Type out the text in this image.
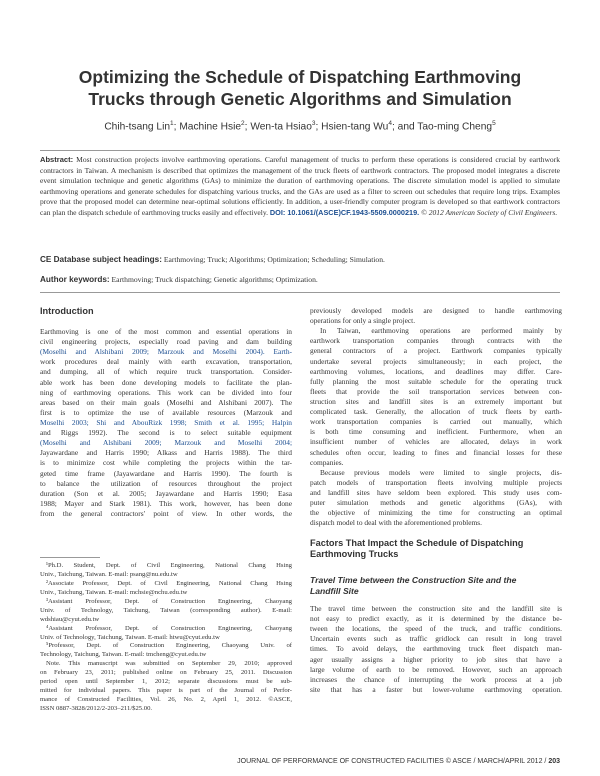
Optimizing the Schedule of Dispatching Earthmoving
Trucks through Genetic Algorithms and Simulation
Chih-tsang Lin$^1$; Machine Hsie$^2$; Wen-ta Hsiao$^3$; Hsien-tang Wu$^4$; and Tao-ming Cheng$^5$
Abstract: Most construction projects involve earthmoving operations. Careful management of trucks to perform these operations is considered crucial by earthwork contractors in Taiwan. A mechanism is described that optimizes the management of the truck fleets of earthwork contractors. The proposed model integrates a discrete event simulation technique and genetic algorithms (GAs) to minimize the duration of earthmoving operations. The discrete simulation model is applied to simulate earthmoving operations and generate schedules for dispatching various trucks, and the GAs are used as a filter to screen out schedules that require long trips. Examples prove that the proposed model can determine near-optimal solutions efficiently. In addition, a user-friendly computer program is developed so that earthwork contractors can plan the dispatch schedule of earthmoving trucks easily and effectively. DOI: 10.1061/(ASCE)CF.1943-5509.0000219. © 2012 American Society of Civil Engineers.
CE Database subject headings: Earthmoving; Truck; Algorithms; Optimization; Scheduling; Simulation.
Author keywords: Earthmoving; Truck dispatching; Genetic algorithms; Optimization.
Introduction
Earthmoving is one of the most common and essential operations in
civil engineering projects, especially road paving and dam building
(Moselhi and Alshibani 2009; Marzouk and Moselhi 2004). Earth-
work procedures deal mainly with earth excavation, transportation,
and dumping, all of which require truck transportation. Consider-
able work has been done developing models to facilitate the plan-
ning of earthmoving operations. This work can be divided into four
areas based on their main goals (Moselhi and Alshibani 2007). The
first is to optimize the use of available resources (Marzouk and
Moselhi 2003; Shi and AbouRizk 1998; Smith et al. 1995; Halpin
and Riggs 1992). The second is to select suitable equipment
(Moselhi and Alshibani 2009; Marzouk and Moselhi 2004;
Jayawardane and Harris 1990; Alkass and Harris 1988). The third
is to minimize cost while completing the projects within the tar-
geted time frame (Jayawardane and Harris 1990). The fourth is
to balance the utilization of resources throughout the project
duration (Son et al. 2005; Jayawardane and Harris 1990; Easa
1988; Mayer and Stark 1981). This work, however, has been done
from the general contractors' point of view. In other words, the
¹Ph.D. Student, Dept. of Civil Engineering, National Chang Hsing
Univ., Taichung, Taiwan. E-mail: psang@nu.edu.tw
²Associate Professor, Dept. of Civil Engineering, National Chang Hsing
Univ., Taichung, Taiwan. E-mail: mchsie@nchu.edu.tw
³Assistant Professor, Dept. of Construction Engineering, Chaoyang
Univ. of Technology, Taichung, Taiwan (corresponding author). E-mail:
wdshiau@cyut.edu.tw
⁴Assistant Professor, Dept. of Construction Engineering, Chaoyang
Univ. of Technology, Taichung, Taiwan. E-mail: htwu@cyut.edu.tw
⁵Professor, Dept. of Construction Engineering, Chaoyang Univ. of
Technology, Taichung, Taiwan. E-mail: tmcheng@cyut.edu.tw
Note. This manuscript was submitted on September 29, 2010; approved
on February 23, 2011; published online on February 25, 2011. Discussion
period open until September 1, 2012; separate discussions must be sub-
mitted for individual papers. This paper is part of the Journal of Perfor-
mance of Constructed Facilities, Vol. 26, No. 2, April 1, 2012. ©ASCE,
ISSN 0887-3828/2012/2-203–211/$25.00.
previously developed models are designed to handle earthmoving
operations for only a single project.
In Taiwan, earthmoving operations are performed mainly by
earthwork transportation companies through contracts with the
general contractors of a project. Earthwork companies typically
undertake several projects simultaneously; in each project, the
earthmoving volumes, locations, and deadlines may differ. Care-
fully planning the most suitable schedule for the operating truck
fleets that provide the soil transportation services between con-
struction sites and landfill sites is an extremely important but
complicated task. Generally, the allocation of truck fleets by earth-
work transportation companies is carried out manually, which
is both time consuming and inefficient. Furthermore, when an
insufficient number of vehicles are allocated, delays in work
schedules often occur, leading to fines and financial losses for these
companies.
Because previous models were limited to single projects, dis-
patch models of transportation fleets involving multiple projects
and landfill sites have seldom been explored. This study uses com-
puter simulation methods and genetic algorithms (GAs), with
the objective of minimizing the time for constructing an optimal
dispatch model to deal with the aforementioned problems.
Factors That Impact the Schedule of Dispatching
Earthmoving Trucks
Travel Time between the Construction Site and the
Landfill Site
The travel time between the construction site and the landfill site is
not easy to predict exactly, as it is determined by the distance be-
tween the locations, the speed of the truck, and traffic conditions.
Uncertain events such as traffic gridlock can result in long travel
times. To avoid delays, the earthmoving truck fleet dispatch man-
ager usually assigns a higher priority to job sites that have a
large volume of earth to be removed. However, such an approach
increases the chance of interrupting the work process at a job
site that has a faster but lower-volume earthmoving operation.
JOURNAL OF PERFORMANCE OF CONSTRUCTED FACILITIES © ASCE / MARCH/APRIL 2012 / 203
